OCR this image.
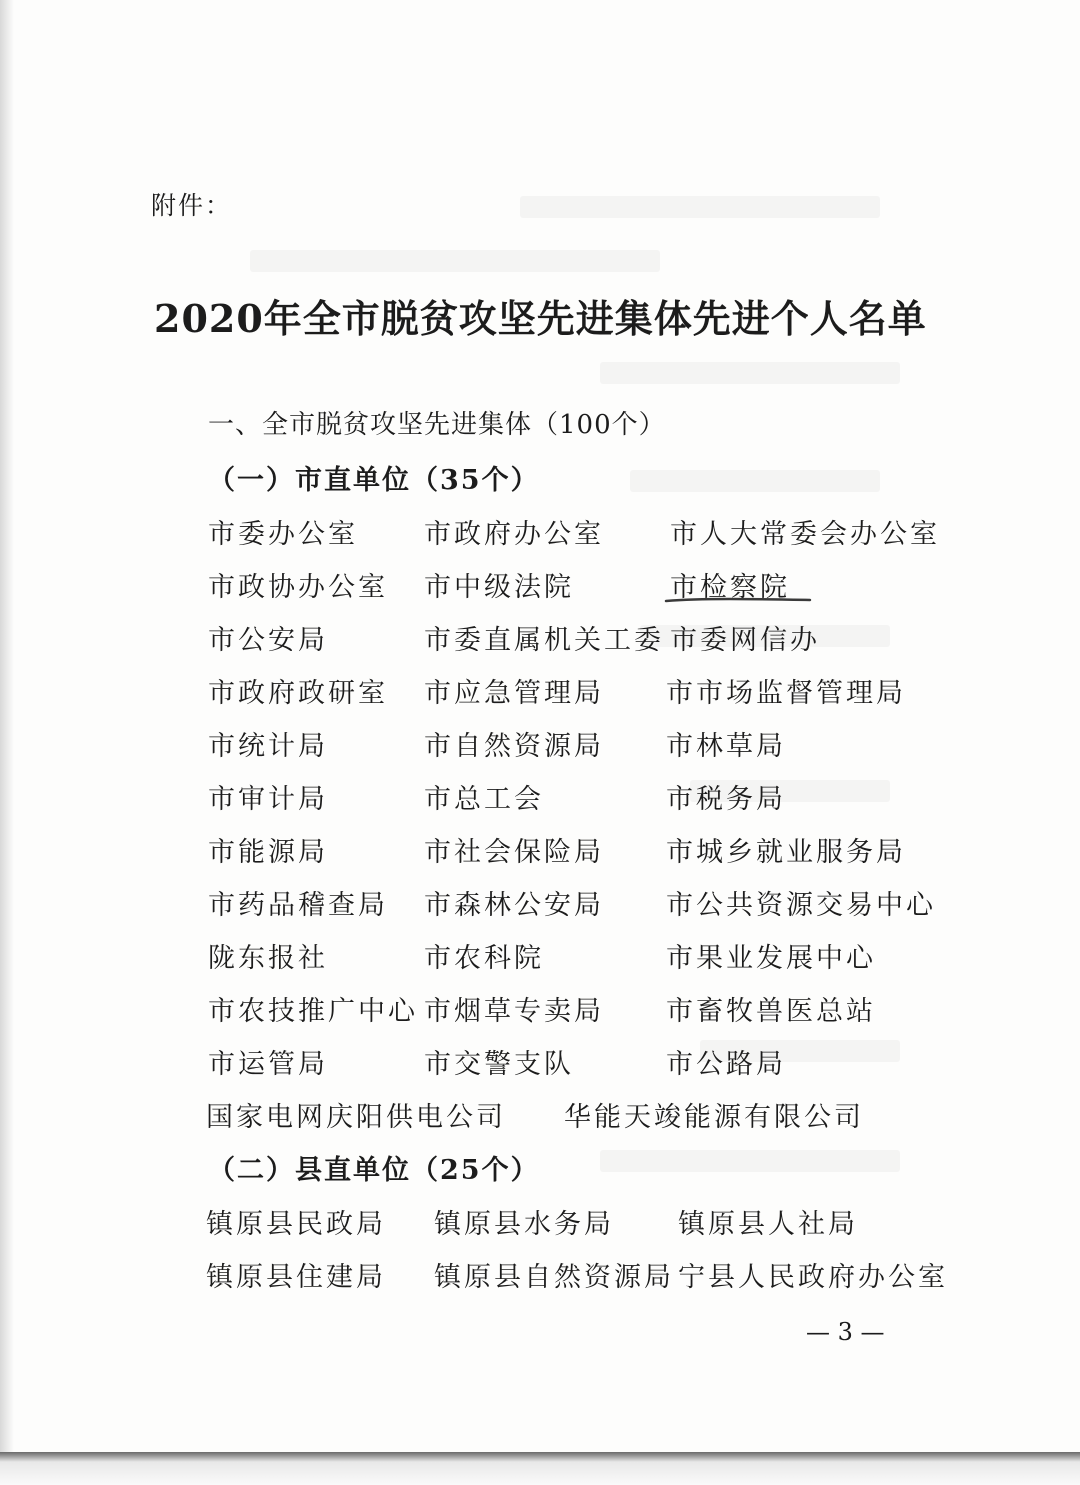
附件：
2020年全市脱贫攻坚先进集体先进个人名单
一、全市脱贫攻坚先进集体（100个）
（一）市直单位（35个）
市委办公室 市政府办公室 市人大常委会办公室
市政协办公室 市中级法院	市检察院
市公安局	市委直属机关工委 市委网信办
市政府政研室 市应急管理局 市市场监督管理局
市统计局	市自然资源局 市林草局
市审计局	市总工会	市税务局
市能源局	市社会保险局 市城乡就业服务局
市药品稽查局 市森林公安局 市公共资源交易中心
陇东报社	市农科院	市果业发展中心
市农技推广中心 市烟草专卖局 市畜牧兽医总站
市运管局	市交警支队	市公路局
国家电网庆阳供电公司 华能天竣能源有限公司
（二）县直单位（25个）
镇原县民政局 镇原县水务局 镇原县人社局
镇原县住建局 镇原县自然资源局 宁县人民政府办公室
— 3 —
